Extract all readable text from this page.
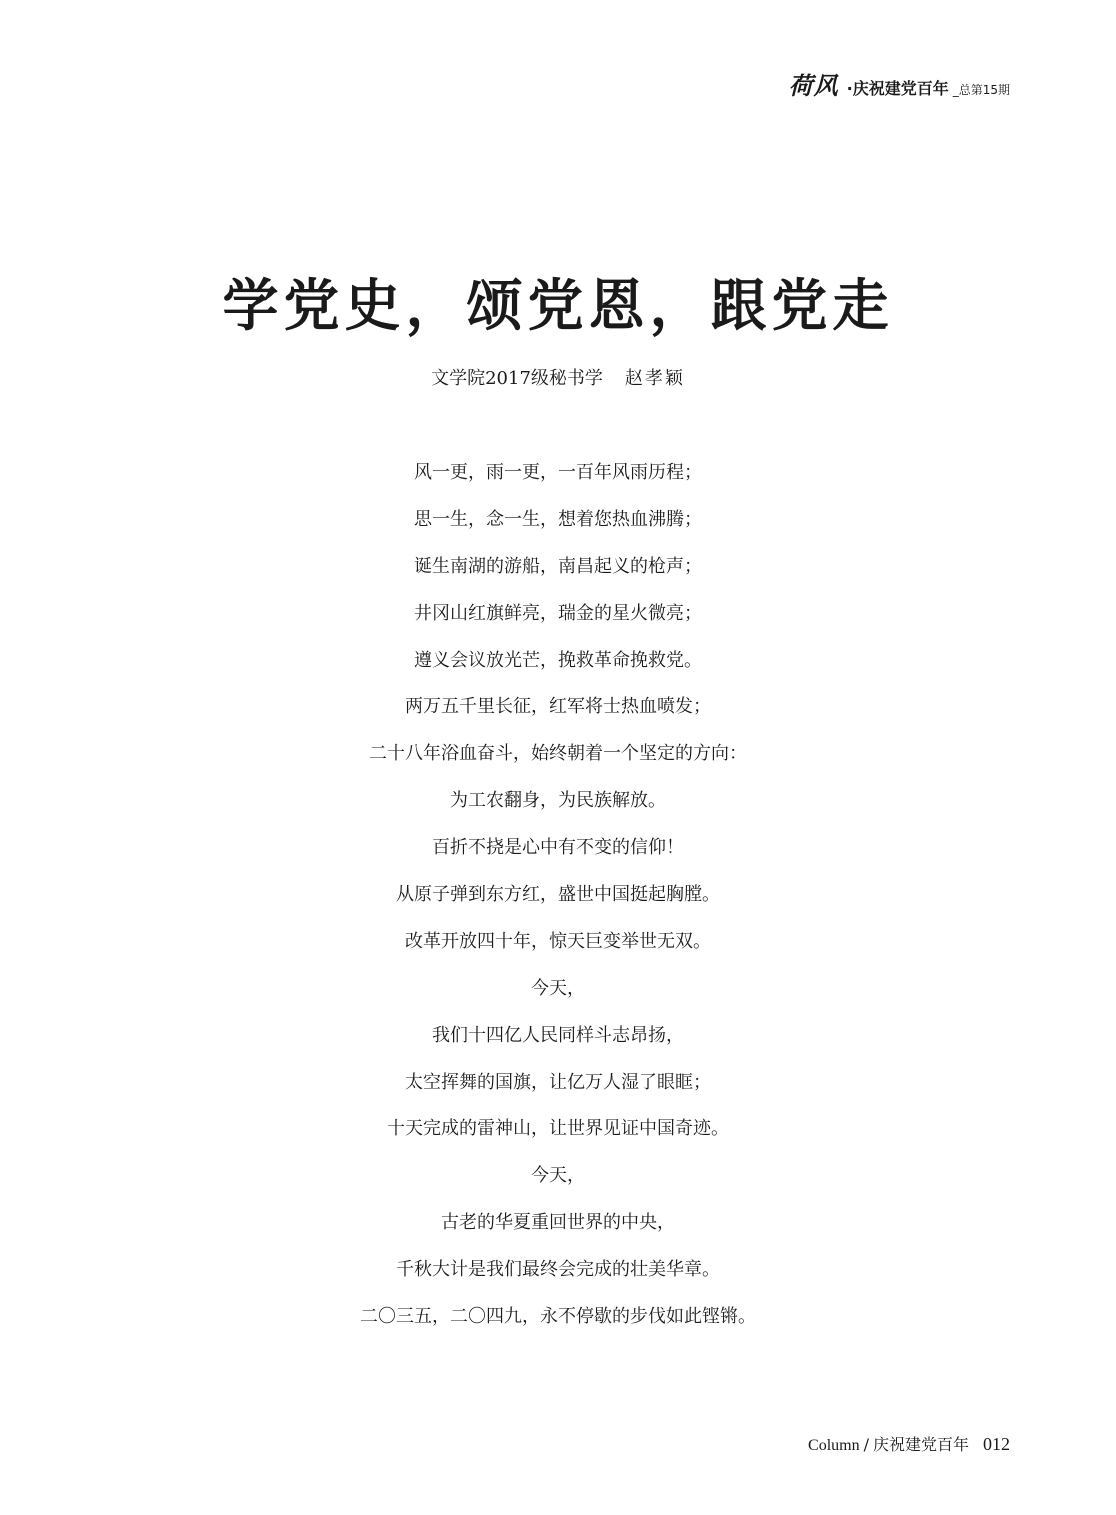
荷风 ·庆祝建党百年 _总第15期
学党史，颂党恩，跟党走
文学院2017级秘书学 赵孝颖
风一更，雨一更，一百年风雨历程；
思一生，念一生，想着您热血沸腾；
诞生南湖的游船，南昌起义的枪声；
井冈山红旗鲜亮，瑞金的星火微亮；
遵义会议放光芒，挽救革命挽救党。
两万五千里长征，红军将士热血喷发；
二十八年浴血奋斗，始终朝着一个坚定的方向：
为工农翻身，为民族解放。
百折不挠是心中有不变的信仰！
从原子弹到东方红，盛世中国挺起胸膛。
改革开放四十年，惊天巨变举世无双。
今天，
我们十四亿人民同样斗志昂扬，
太空挥舞的国旗，让亿万人湿了眼眶；
十天完成的雷神山，让世界见证中国奇迹。
今天，
古老的华夏重回世界的中央，
千秋大计是我们最终会完成的壮美华章。
二〇三五，二〇四九，永不停歇的步伐如此铿锵。
Column / 庆祝建党百年 012
